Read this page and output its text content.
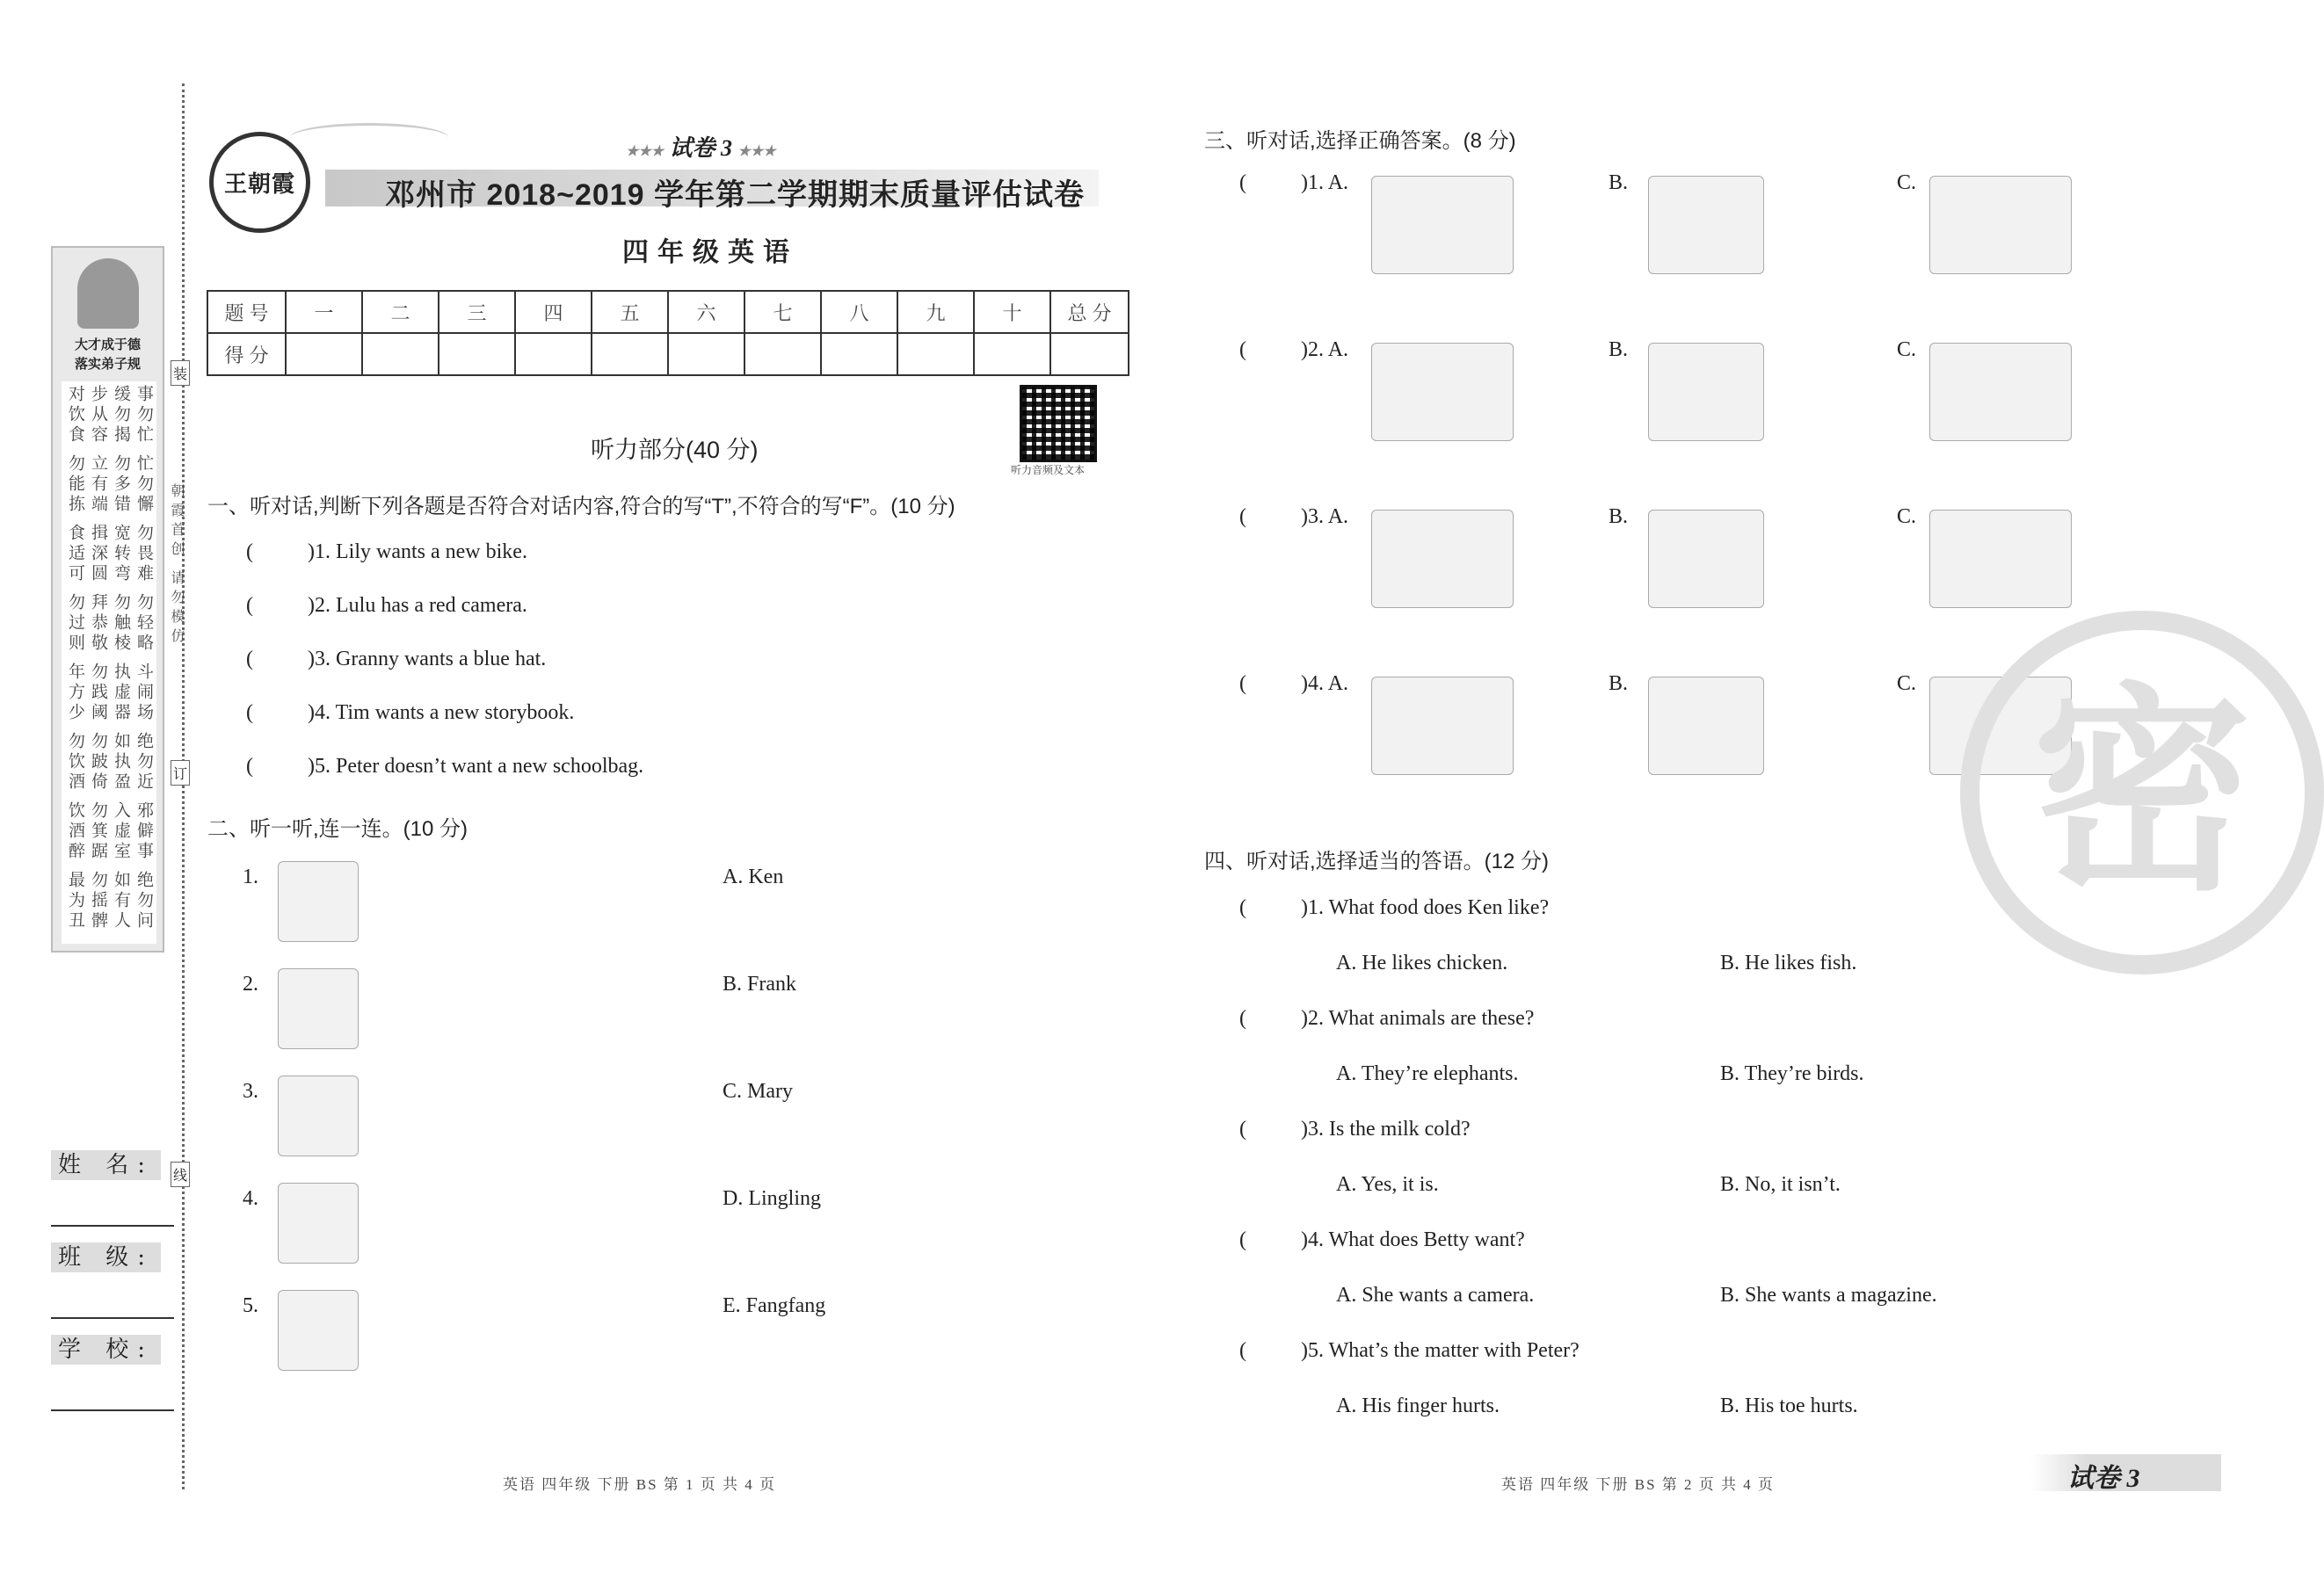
大才成于德
落实弟子规
事勿忙
缓勿揭
步从容
对饮食
忙勿懈
勿多错
立有端
勿能拣
勿畏难
宽转弯
揖深圆
食适可
勿轻略
勿触棱
拜恭敬
勿过则
斗闹场
执虚器
勿践阈
年方少
绝勿近
如执盈
勿跛倚
勿饮酒
邪僻事
入虚室
勿箕踞
饮酒醉
绝勿问
如有人
勿摇髀
最为丑
朝霞首创 请勿模仿
装
订
线
姓 名:
班 级:
学 校:
王朝霞
★★★ 试卷 3 ★★★
邓州市 2018~2019 学年第二学期期末质量评估试卷
四年级英语
题 号	一	二	三	四	五	六	七	八	九	十	总 分
得 分											
听力音频及文本
听力部分(40 分)
一、听对话,判断下列各题是否符合对话内容,符合的写“T”,不符合的写“F”。(10 分)
(	)1. Lily wants a new bike.
(	)2. Lulu has a red camera.
(	)3. Granny wants a blue hat.
(	)4. Tim wants a new storybook.
(	)5. Peter doesn’t want a new schoolbag.
二、听一听,连一连。(10 分)
1.	A. Ken
2.	B. Frank
3.	C. Mary
4.	D. Lingling
5.	E. Fangfang
英语 四年级 下册 BS 第 1 页 共 4 页
三、听对话,选择正确答案。(8 分)
(	)1. A.	B.	C.
(	)2. A.	B.	C.
(	)3. A.	B.	C.
(	)4. A.	B.	C.
四、听对话,选择适当的答语。(12 分)
(	)1. What food does Ken like?
A. He likes chicken.	B. He likes fish.
(	)2. What animals are these?
A. They’re elephants.	B. They’re birds.
(	)3. Is the milk cold?
A. Yes, it is.	B. No, it isn’t.
(	)4. What does Betty want?
A. She wants a camera.	B. She wants a magazine.
(	)5. What’s the matter with Peter?
A. His finger hurts.	B. His toe hurts.
密
英语 四年级 下册 BS 第 2 页 共 4 页	试卷 3
